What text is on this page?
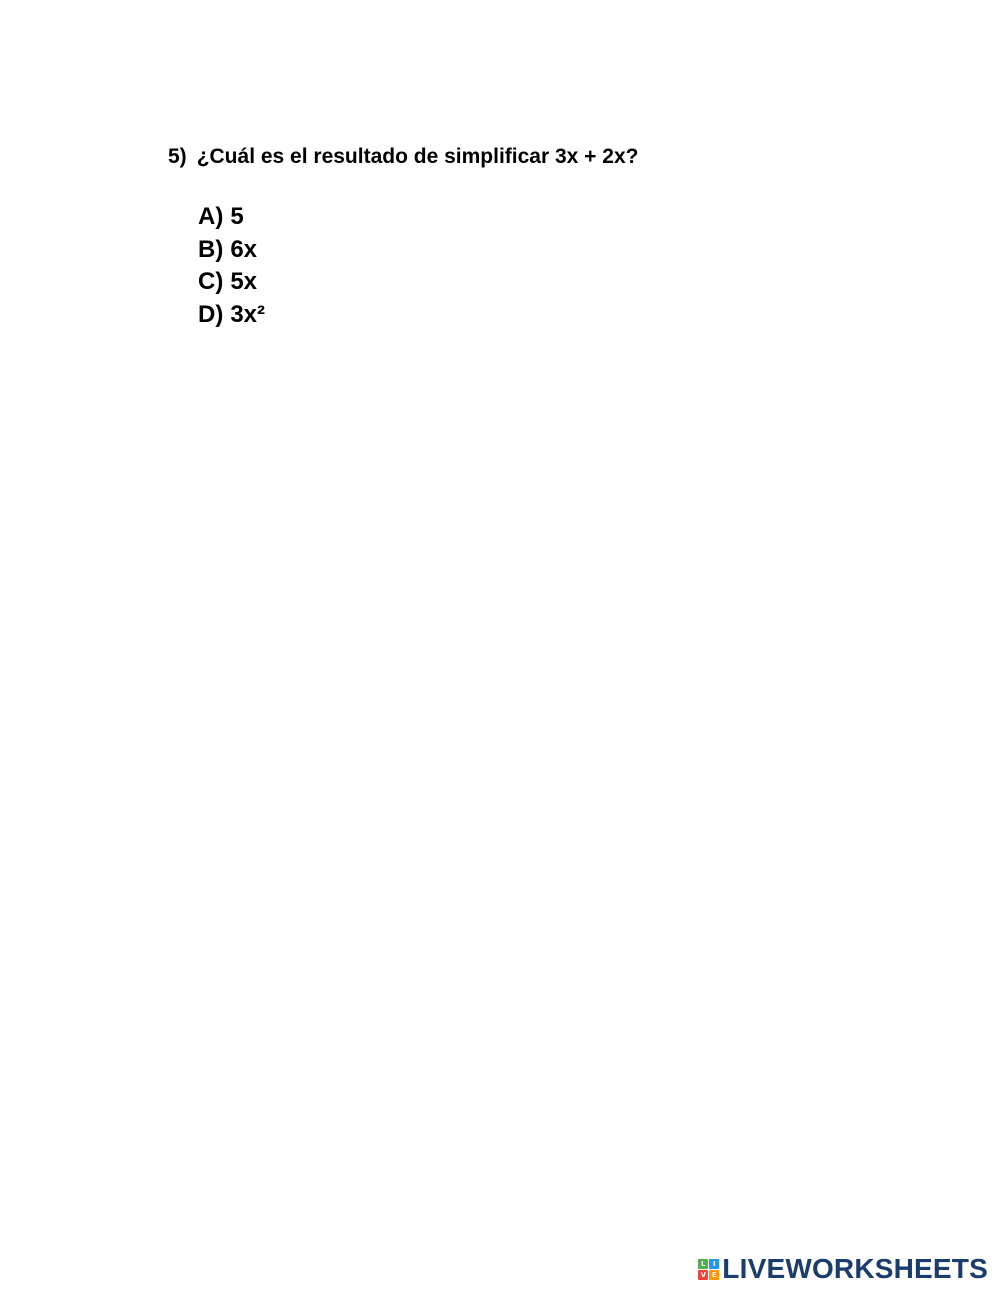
5) ¿Cuál es el resultado de simplificar 3x + 2x?
A) 5
B) 6x
C) 5x
D) 3x²
L	I
V E LIVEWORKSHEETS
